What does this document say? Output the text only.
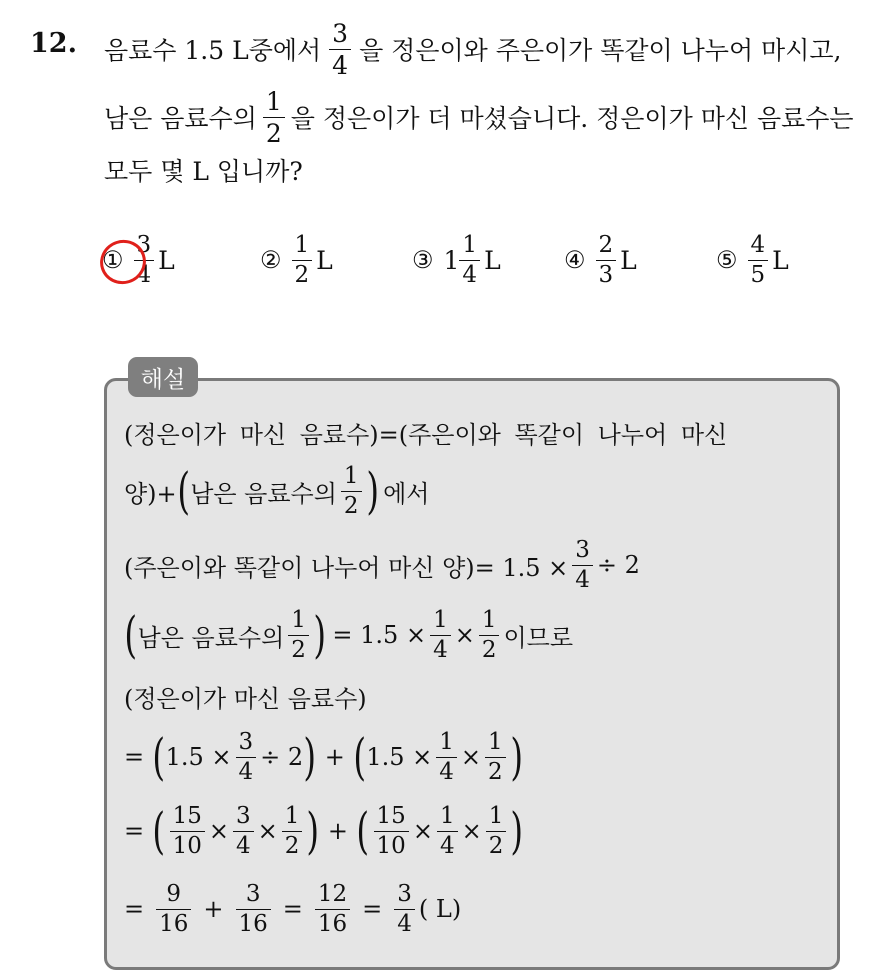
12. 음료수 1.5 L중에서 $\frac{3}{4}$ 을 정은이와 주은이가 똑같이 나누어 마시고,
남은 음료수의 $\frac{1}{2}$ 을 정은이가 더 마셨습니다. 정은이가 마신 음료수는
모두 몇 L 입니까?
① $\frac{3}{4}$ L	② $\frac{1}{2}$ L	③ $1 \frac{1}{4}$ L	④ $\frac{2}{3}$ L	⑤ $\frac{4}{5}$ L
해설
(정은이가 마신 음료수)=(주은이와 똑같이 나누어 마신
양)+ ( 남은 음료수의 $\frac{1}{2}$ ) 에서
(주은이와 똑같이 나누어 마신 양)= $1.5 \times \frac{3}{4} \div 2$
( 남은 음료수의 $\frac{1}{2}$ ) = $1.5 \times \frac{1}{4} \times \frac{1}{2}$ 이므로
(정은이가 마신 음료수)
= ( $1.5 \times \frac{3}{4} \div 2$ ) + ( $1.5 \times \frac{1}{4} \times \frac{1}{2}$ )
= ( $\frac{15}{10} \times \frac{3}{4} \times \frac{1}{2}$ ) + ( $\frac{15}{10} \times \frac{1}{4} \times \frac{1}{2}$ )
= $\frac{9}{16} + \frac{3}{16} = \frac{12}{16} = \frac{3}{4}$ ( L)
